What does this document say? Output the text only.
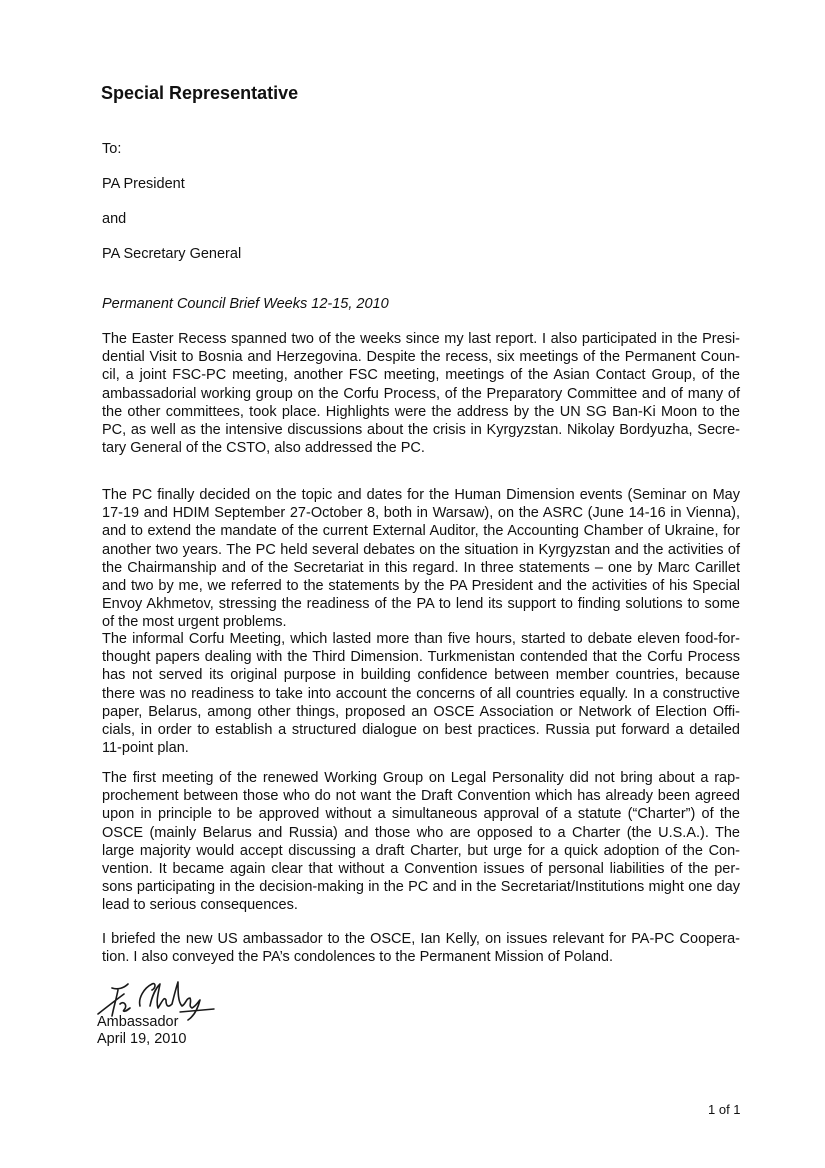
Special Representative

To:

PA President

and

PA Secretary General

Permanent Council Brief Weeks 12-15, 2010

The Easter Recess spanned two of the weeks since my last report. I also participated in the Presi-
dential Visit to Bosnia and Herzegovina. Despite the recess, six meetings of the Permanent Coun-
cil, a joint FSC-PC meeting, another FSC meeting, meetings of the Asian Contact Group, of the
ambassadorial working group on the Corfu Process, of the Preparatory Committee and of many of
the other committees, took place. Highlights were the address by the UN SG Ban-Ki Moon to the
PC, as well as the intensive discussions about the crisis in Kyrgyzstan. Nikolay Bordyuzha, Secre-
tary General of the CSTO, also addressed the PC.
The PC finally decided on the topic and dates for the Human Dimension events (Seminar on May
17-19 and HDIM September 27-October 8, both in Warsaw), on the ASRC (June 14-16 in Vienna),
and to extend the mandate of the current External Auditor, the Accounting Chamber of Ukraine, for
another two years. The PC held several debates on the situation in Kyrgyzstan and the activities of
the Chairmanship and of the Secretariat in this regard. In three statements – one by Marc Carillet
and two by me, we referred to the statements by the PA President and the activities of his Special
Envoy Akhmetov, stressing the readiness of the PA to lend its support to finding solutions to some
of the most urgent problems.
The informal Corfu Meeting, which lasted more than five hours, started to debate eleven food-for-
thought papers dealing with the Third Dimension. Turkmenistan contended that the Corfu Process
has not served its original purpose in building confidence between member countries, because
there was no readiness to take into account the concerns of all countries equally. In a constructive
paper, Belarus, among other things, proposed an OSCE Association or Network of Election Offi-
cials, in order to establish a structured dialogue on best practices. Russia put forward a detailed
11-point plan.
The first meeting of the renewed Working Group on Legal Personality did not bring about a rap-
prochement between those who do not want the Draft Convention which has already been agreed
upon in principle to be approved without a simultaneous approval of a statute (“Charter”) of the
OSCE (mainly Belarus and Russia) and those who are opposed to a Charter (the U.S.A.). The
large majority would accept discussing a draft Charter, but urge for a quick adoption of the Con-
vention. It became again clear that without a Convention issues of personal liabilities of the per-
sons participating in the decision-making in the PC and in the Secretariat/Institutions might one day
lead to serious consequences.
I briefed the new US ambassador to the OSCE, Ian Kelly, on issues relevant for PA-PC Coopera-
tion. I also conveyed the PA’s condolences to the Permanent Mission of Poland.
Ambassador
April 19, 2010
1 of 1
